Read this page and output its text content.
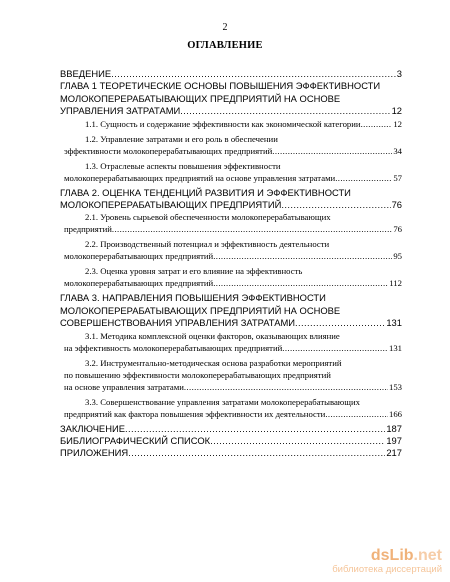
2
ОГЛАВЛЕНИЕ
ВВЕДЕНИЕ .....	3
ГЛАВА 1 ТЕОРЕТИЧЕСКИЕ ОСНОВЫ ПОВЫШЕНИЯ ЭФФЕКТИВНОСТИ
МОЛОКОПЕРЕРАБАТЫВАЮЩИХ ПРЕДПРИЯТИЙ НА ОСНОВЕ
УПРАВЛЕНИЯ ЗАТРАТАМИ .....	12
1.1. Сущность и содержание эффективности как экономической категории .....	12
1.2. Управление затратами и его роль в обеспечении
эффективности молокоперерабатывающих предприятий .....	34
1.3. Отраслевые аспекты повышения эффективности
молокоперерабатывающих предприятий на основе управления затратами .....	57
ГЛАВА 2. ОЦЕНКА ТЕНДЕНЦИЙ РАЗВИТИЯ И ЭФФЕКТИВНОСТИ
МОЛОКОПЕРЕРАБАТЫВАЮЩИХ ПРЕДПРИЯТИЙ .....	76
2.1. Уровень сырьевой обеспеченности молокоперерабатывающих
предприятий .....	76
2.2. Производственный потенциал и эффективность деятельности
молокоперерабатывающих предприятий .....	95
2.3. Оценка уровня затрат и его влияние на эффективность
молокоперерабатывающих предприятий .....	112
ГЛАВА 3. НАПРАВЛЕНИЯ ПОВЫШЕНИЯ ЭФФЕКТИВНОСТИ
МОЛОКОПЕРЕРАБАТЫВАЮЩИХ ПРЕДПРИЯТИЙ НА ОСНОВЕ
СОВЕРШЕНСТВОВАНИЯ УПРАВЛЕНИЯ ЗАТРАТАМИ .....	131
3.1. Методика комплексной оценки факторов, оказывающих влияние
на эффективность молокоперерабатывающих предприятий .....	131
3.2. Инструментально-методическая основа разработки мероприятий
по повышению эффективности молокоперерабатывающих предприятий
на основе управления затратами .....	153
3.3. Совершенствование управления затратами молокоперерабатывающих
предприятий как фактора повышения эффективности их деятельности .....	166
ЗАКЛЮЧЕНИЕ .....	187
БИБЛИОГРАФИЧЕСКИЙ СПИСОК .....	197
ПРИЛОЖЕНИЯ .....	217
dsLib.net
библиотека диссертаций
